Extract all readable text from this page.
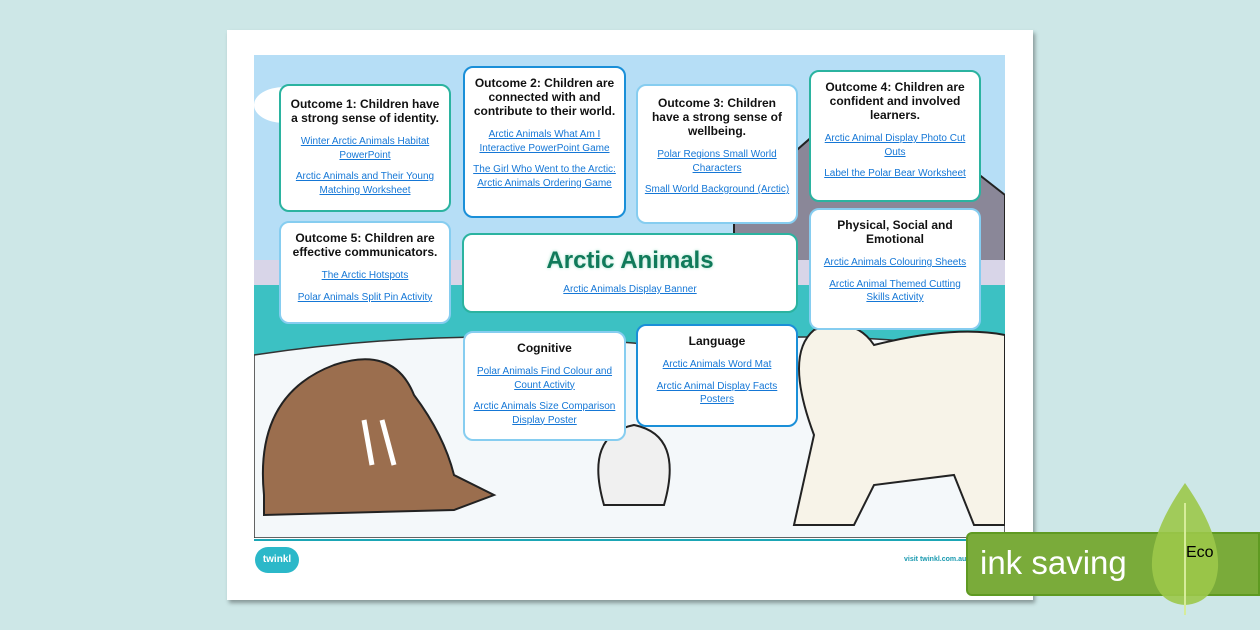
Outcome 1: Children have a strong sense of identity.
Winter Arctic Animals Habitat PowerPoint
Arctic Animals and Their Young Matching Worksheet
Outcome 2: Children are connected with and contribute to their world.
Arctic Animals What Am I Interactive PowerPoint Game
The Girl Who Went to the Arctic: Arctic Animals Ordering Game
Outcome 3: Children have a strong sense of wellbeing.
Polar Regions Small World Characters
Small World Background (Arctic)
Outcome 4: Children are confident and involved learners.
Arctic Animal Display Photo Cut Outs
Label the Polar Bear Worksheet
Outcome 5: Children are effective communicators.
The Arctic Hotspots
Polar Animals Split Pin Activity
Arctic Animals
Arctic Animals Display Banner
Physical, Social and Emotional
Arctic Animals Colouring Sheets
Arctic Animal Themed Cutting Skills Activity
Cognitive
Polar Animals Find Colour and Count Activity
Arctic Animals Size Comparison Display Poster
Language
Arctic Animals Word Mat
Arctic Animal Display Facts Posters
twinkl	visit twinkl.com.au ink saving	Eco
